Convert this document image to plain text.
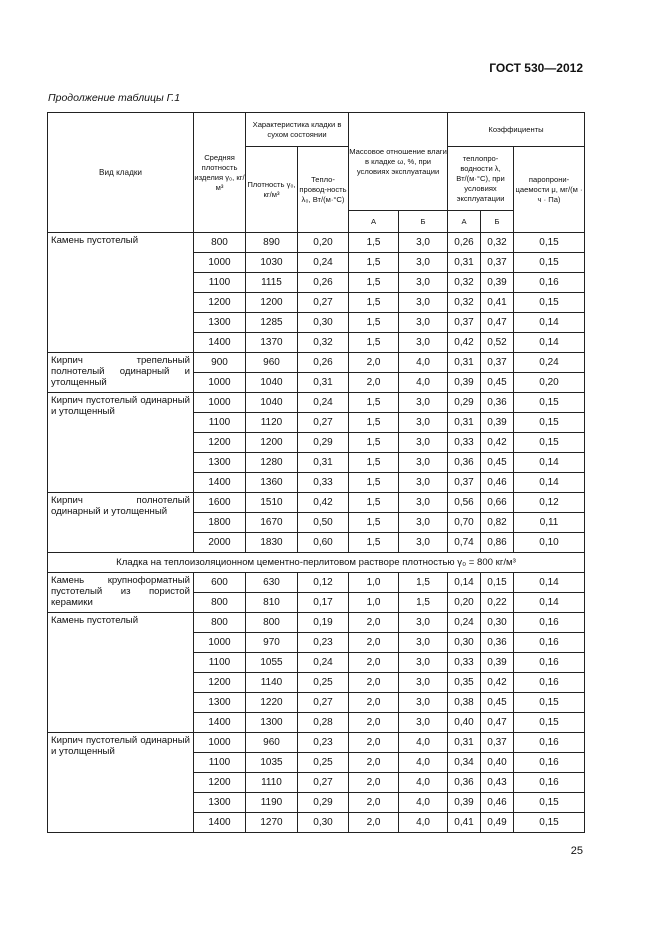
ГОСТ 530—2012
Продолжение таблицы Г.1
Вид кладки	Средняя плотность изделия γ₀, кг/м³	Характеристика кладки в сухом состоянии		Массовое отношение влаги в кладке ω, %, при условиях эксплуатации		Коэффициенты		
		Плотность γ₀, кг/м³	Тепло-провод-ность λ₀, Вт/(м·°С)			теплопро-водности λ, Вт/(м·°С), при условиях эксплуатации		паропрони-цаемости μ, мг/(м · ч · Па)
				А	Б	А	Б	
Камень пустотелый	800	890	0,20	1,5	3,0	0,26	0,32	0,15
	1000	1030	0,24	1,5	3,0	0,31	0,37	0,15
	1100	1115	0,26	1,5	3,0	0,32	0,39	0,16
	1200	1200	0,27	1,5	3,0	0,32	0,41	0,15
	1300	1285	0,30	1,5	3,0	0,37	0,47	0,14
	1400	1370	0,32	1,5	3,0	0,42	0,52	0,14
Кирпич трепельный полнотелый одинарный и утолщенный	900	960	0,26	2,0	4,0	0,31	0,37	0,24
	1000	1040	0,31	2,0	4,0	0,39	0,45	0,20
Кирпич пустотелый одинарный и утолщенный	1000	1040	0,24	1,5	3,0	0,29	0,36	0,15
	1100	1120	0,27	1,5	3,0	0,31	0,39	0,15
	1200	1200	0,29	1,5	3,0	0,33	0,42	0,15
	1300	1280	0,31	1,5	3,0	0,36	0,45	0,14
	1400	1360	0,33	1,5	3,0	0,37	0,46	0,14
Кирпич полнотелый одинарный и утолщенный	1600	1510	0,42	1,5	3,0	0,56	0,66	0,12
	1800	1670	0,50	1,5	3,0	0,70	0,82	0,11
	2000	1830	0,60	1,5	3,0	0,74	0,86	0,10
Кладка на теплоизоляционном цементно-перлитовом растворе плотностью γ₀ = 800 кг/м³								
Камень крупноформатный пустотелый из пористой керамики	600	630	0,12	1,0	1,5	0,14	0,15	0,14
	800	810	0,17	1,0	1,5	0,20	0,22	0,14
Камень пустотелый	800	800	0,19	2,0	3,0	0,24	0,30	0,16
	1000	970	0,23	2,0	3,0	0,30	0,36	0,16
	1100	1055	0,24	2,0	3,0	0,33	0,39	0,16
	1200	1140	0,25	2,0	3,0	0,35	0,42	0,16
	1300	1220	0,27	2,0	3,0	0,38	0,45	0,15
	1400	1300	0,28	2,0	3,0	0,40	0,47	0,15
Кирпич пустотелый одинарный и утолщенный	1000	960	0,23	2,0	4,0	0,31	0,37	0,16
	1100	1035	0,25	2,0	4,0	0,34	0,40	0,16
	1200	1110	0,27	2,0	4,0	0,36	0,43	0,16
	1300	1190	0,29	2,0	4,0	0,39	0,46	0,15
	1400	1270	0,30	2,0	4,0	0,41	0,49	0,15
25
